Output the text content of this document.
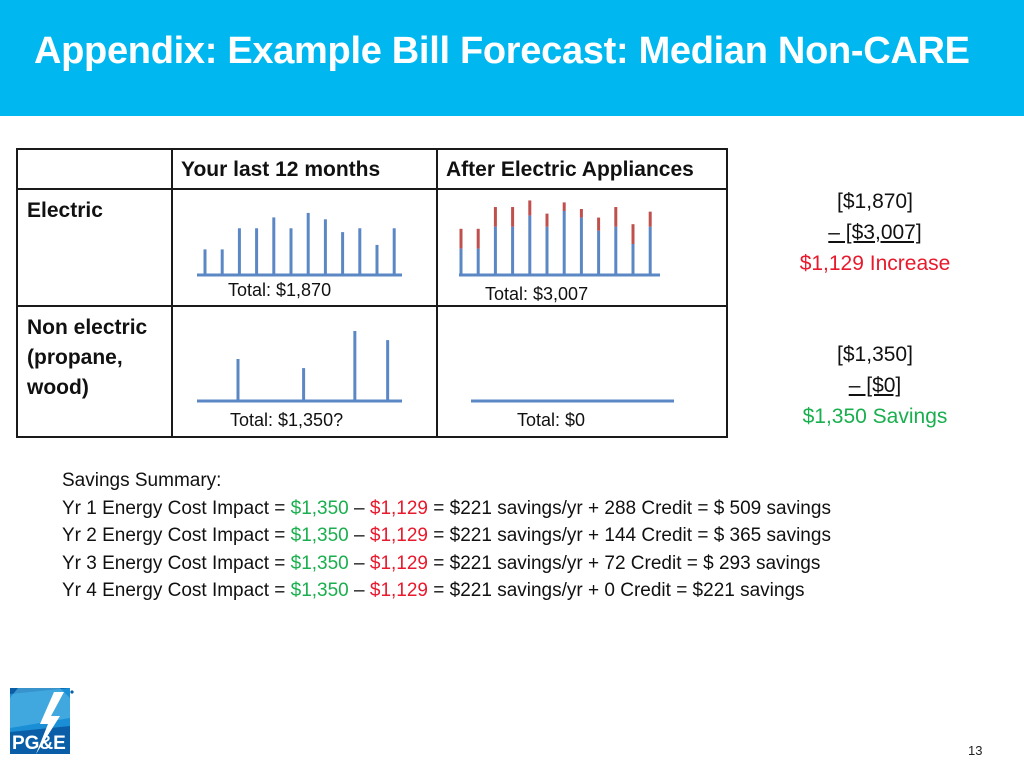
Appendix: Example Bill Forecast: Median Non-CARE

	Your last 12 months	After Electric Appliances

Electric	Total: $1,870	Total: $3,007

Non electric (propane, wood)	Total: $1,350?	Total: $0
[$1,870]
– [$3,007]
$1,129 Increase
[$1,350]
– [$0]
$1,350 Savings
Savings Summary:
Yr 1 Energy Cost Impact = $1,350 – $1,129 = $221 savings/yr + 288 Credit = $ 509 savings
Yr 2 Energy Cost Impact = $1,350 – $1,129 = $221 savings/yr + 144 Credit = $ 365 savings
Yr 3 Energy Cost Impact = $1,350 – $1,129 = $221 savings/yr + 72 Credit = $ 293 savings
Yr 4 Energy Cost Impact = $1,350 – $1,129 = $221 savings/yr + 0 Credit = $221 savings
PG&E	13
